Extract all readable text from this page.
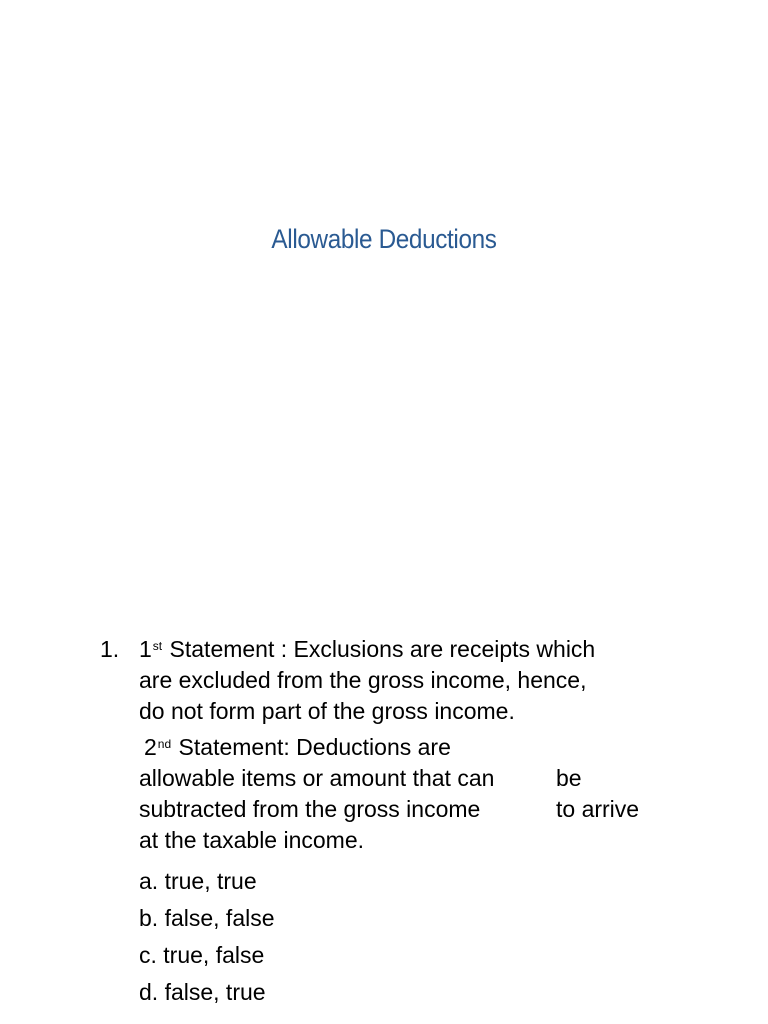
Allowable Deductions
1. 1st Statement : Exclusions are receipts which
are excluded from the gross income, hence,
do not form part of the gross income.
2nd Statement: Deductions are
allowable items or amount that can	be
subtracted from the gross income	to arrive
at the taxable income.
a. true, true
b. false, false
c. true, false
d. false, true
